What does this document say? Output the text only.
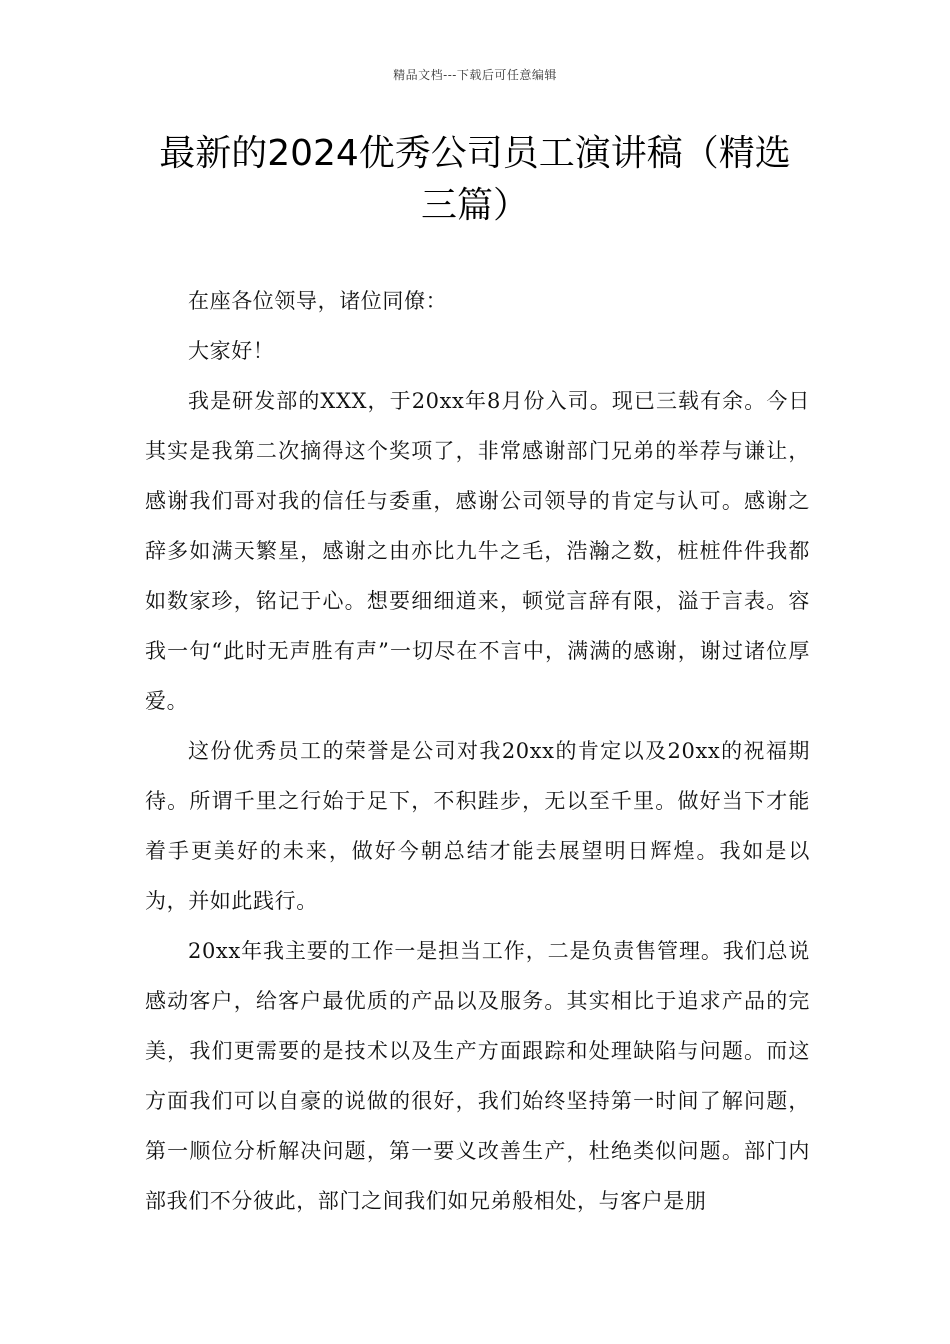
精品文档---下载后可任意编辑
最新的2024优秀公司员工演讲稿（精选三篇）

在座各位领导，诸位同僚：

大家好！

我是研发部的XXX，于20xx年8月份入司。现已三载有余。今日其实是我第二次摘得这个奖项了，非常感谢部门兄弟的举荐与谦让，感谢我们哥对我的信任与委重，感谢公司领导的肯定与认可。感谢之辞多如满天繁星，感谢之由亦比九牛之毛，浩瀚之数，桩桩件件我都如数家珍，铭记于心。想要细细道来，顿觉言辞有限，溢于言表。容我一句“此时无声胜有声”一切尽在不言中，满满的感谢，谢过诸位厚爱。

这份优秀员工的荣誉是公司对我20xx的肯定以及20xx的祝福期待。所谓千里之行始于足下，不积跬步，无以至千里。做好当下才能着手更美好的未来，做好今朝总结才能去展望明日辉煌。我如是以为，并如此践行。

20xx年我主要的工作一是担当工作，二是负责售管理。我们总说感动客户，给客户最优质的产品以及服务。其实相比于追求产品的完美，我们更需要的是技术以及生产方面跟踪和处理缺陷与问题。而这方面我们可以自豪的说做的很好，我们始终坚持第一时间了解问题，第一顺位分析解决问题，第一要义改善生产，杜绝类似问题。部门内部我们不分彼此，部门之间我们如兄弟般相处，与客户是朋
